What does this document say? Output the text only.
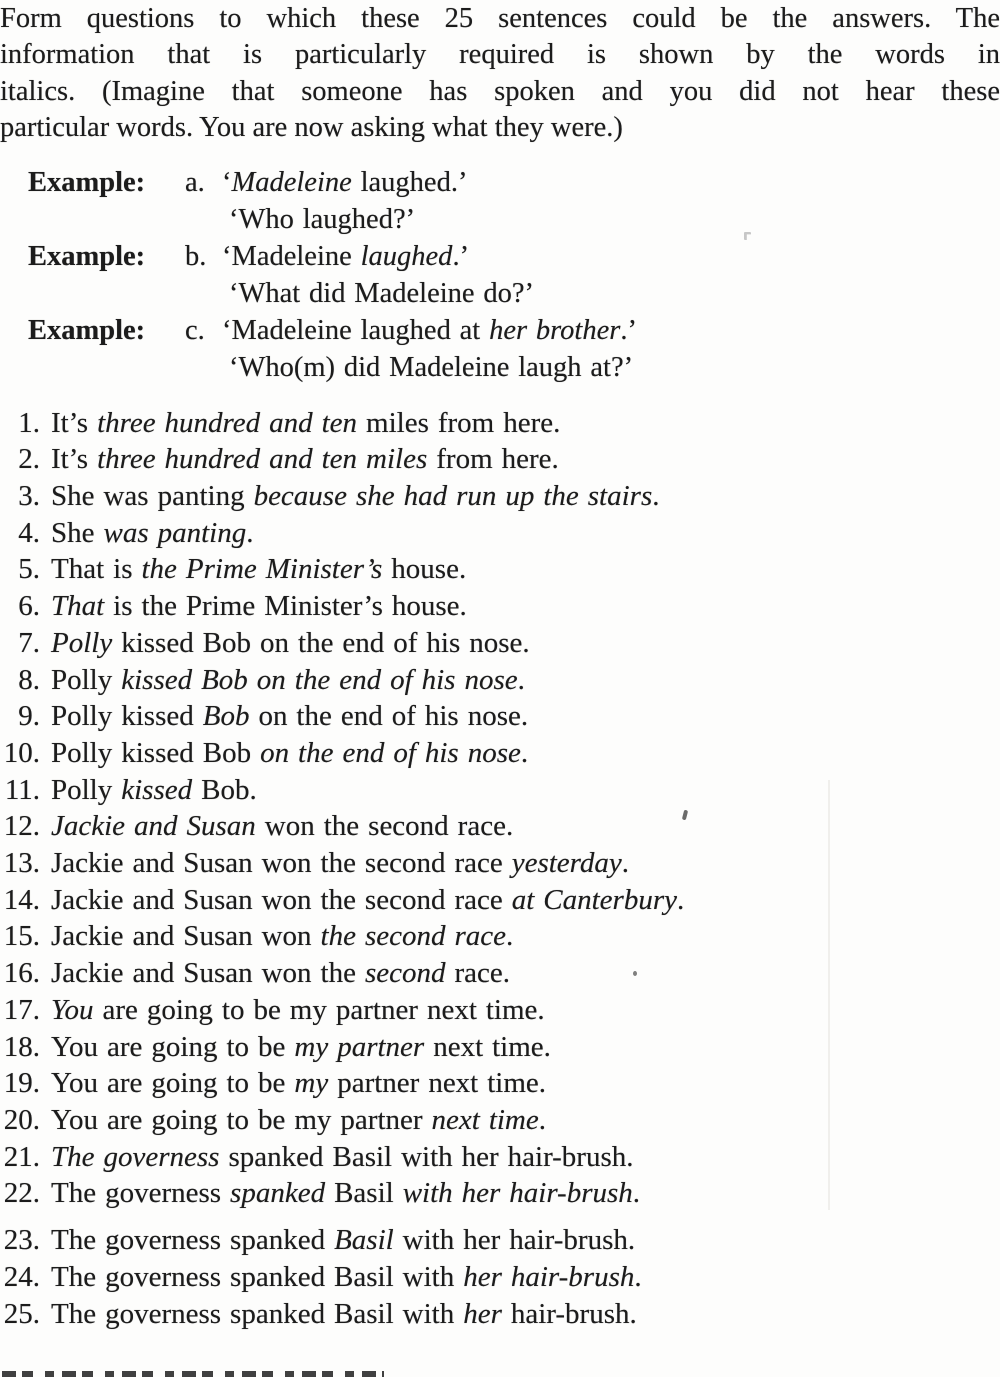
Form questions to which these 25 sentences could be the answers. The
information that is particularly required is shown by the words in
italics. (Imagine that someone has spoken and you did not hear these
particular words. You are now asking what they were.)
Example:	a. ‘Madeleine laughed.’
‘Who laughed?’
Example:	b. ‘Madeleine laughed.’
‘What did Madeleine do?’
Example:	c. ‘Madeleine laughed at her brother.’
‘Who(m) did Madeleine laugh at?’
1. It’s three hundred and ten miles from here.
2. It’s three hundred and ten miles from here.
3. She was panting because she had run up the stairs.
4. She was panting.
5. That is the Prime Minister’s house.
6. That is the Prime Minister’s house.
7. Polly kissed Bob on the end of his nose.
8. Polly kissed Bob on the end of his nose.
9. Polly kissed Bob on the end of his nose.
10. Polly kissed Bob on the end of his nose.
11. Polly kissed Bob.
12. Jackie and Susan won the second race.
13. Jackie and Susan won the second race yesterday.
14. Jackie and Susan won the second race at Canterbury.
15. Jackie and Susan won the second race.
16. Jackie and Susan won the second race.
17. You are going to be my partner next time.
18. You are going to be my partner next time.
19. You are going to be my partner next time.
20. You are going to be my partner next time.
21. The governess spanked Basil with her hair-brush.
22. The governess spanked Basil with her hair-brush.
23. The governess spanked Basil with her hair-brush.
24. The governess spanked Basil with her hair-brush.
25. The governess spanked Basil with her hair-brush.
